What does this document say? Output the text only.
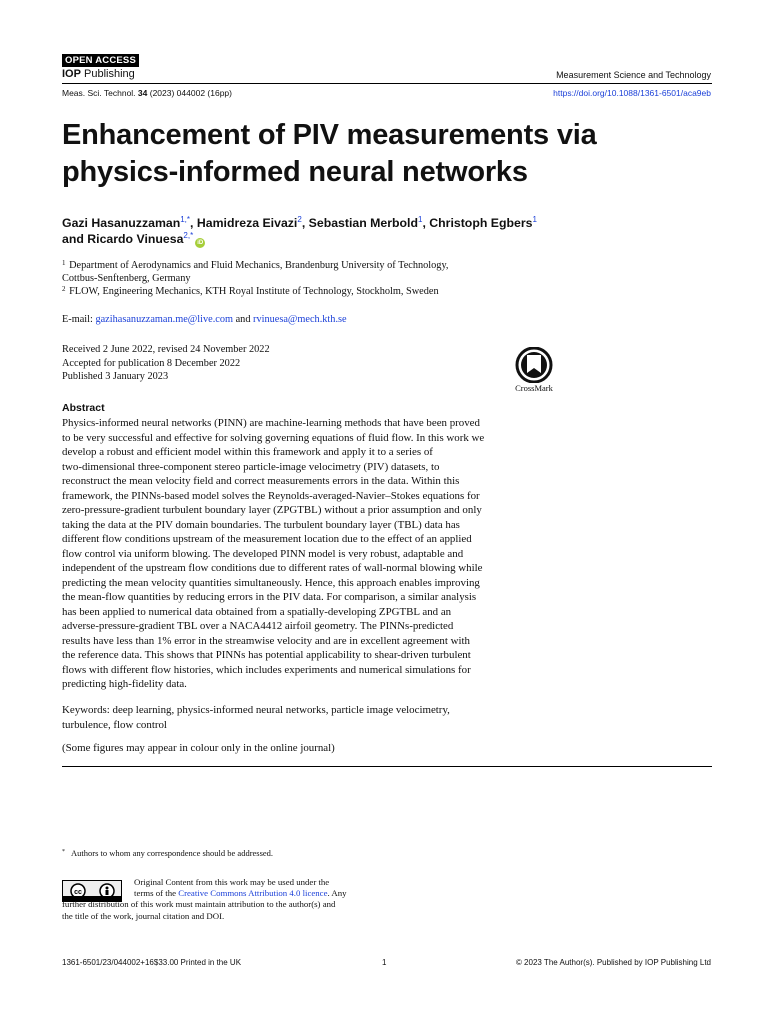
OPEN ACCESS
IOP Publishing	Measurement Science and Technology
Meas. Sci. Technol. 34 (2023) 044002 (16pp)	https://doi.org/10.1088/1361-6501/aca9eb
Enhancement of PIV measurements via
physics-informed neural networks
Gazi Hasanuzzaman$^{1,*}$, Hamidreza Eivazi$^2$, Sebastian Merbold$^1$, Christoph Egbers$^1$
and Ricardo Vinuesa$^{2,*}$iD
$^1$ Department of Aerodynamics and Fluid Mechanics, Brandenburg University of Technology,
Cottbus-Senftenberg, Germany
$^2$ FLOW, Engineering Mechanics, KTH Royal Institute of Technology, Stockholm, Sweden
E-mail: gazihasanuzzaman.me@live.com and rvinuesa@mech.kth.se
Received 2 June 2022, revised 24 November 2022
Accepted for publication 8 December 2022
Published 3 January 2023
CrossMark
Abstract
Physics-informed neural networks (PINN) are machine-learning methods that have been proved
to be very successful and effective for solving governing equations of fluid flow. In this work we
develop a robust and efficient model within this framework and apply it to a series of
two-dimensional three-component stereo particle-image velocimetry (PIV) datasets, to
reconstruct the mean velocity field and correct measurements errors in the data. Within this
framework, the PINNs-based model solves the Reynolds-averaged-Navier–Stokes equations for
zero-pressure-gradient turbulent boundary layer (ZPGTBL) without a prior assumption and only
taking the data at the PIV domain boundaries. The turbulent boundary layer (TBL) data has
different flow conditions upstream of the measurement location due to the effect of an applied
flow control via uniform blowing. The developed PINN model is very robust, adaptable and
independent of the upstream flow conditions due to different rates of wall-normal blowing while
predicting the mean velocity quantities simultaneously. Hence, this approach enables improving
the mean-flow quantities by reducing errors in the PIV data. For comparison, a similar analysis
has been applied to numerical data obtained from a spatially-developing ZPGTBL and an
adverse-pressure-gradient TBL over a NACA4412 airfoil geometry. The PINNs-predicted
results have less than 1% error in the streamwise velocity and are in excellent agreement with
the reference data. This shows that PINNs has potential applicability to shear-driven turbulent
flows with different flow histories, which includes experiments and numerical simulations for
predicting high-fidelity data.
Keywords: deep learning, physics-informed neural networks, particle image velocimetry,
turbulence, flow control
(Some figures may appear in colour only in the online journal)
* Authors to whom any correspondence should be addressed.
cc
Original Content from this work may be used under the
terms of the Creative Commons Attribution 4.0 licence. Any
further distribution of this work must maintain attribution to the author(s) and
the title of the work, journal citation and DOI.
1361-6501/23/044002+16$33.00 Printed in the UK	1	© 2023 The Author(s). Published by IOP Publishing Ltd
